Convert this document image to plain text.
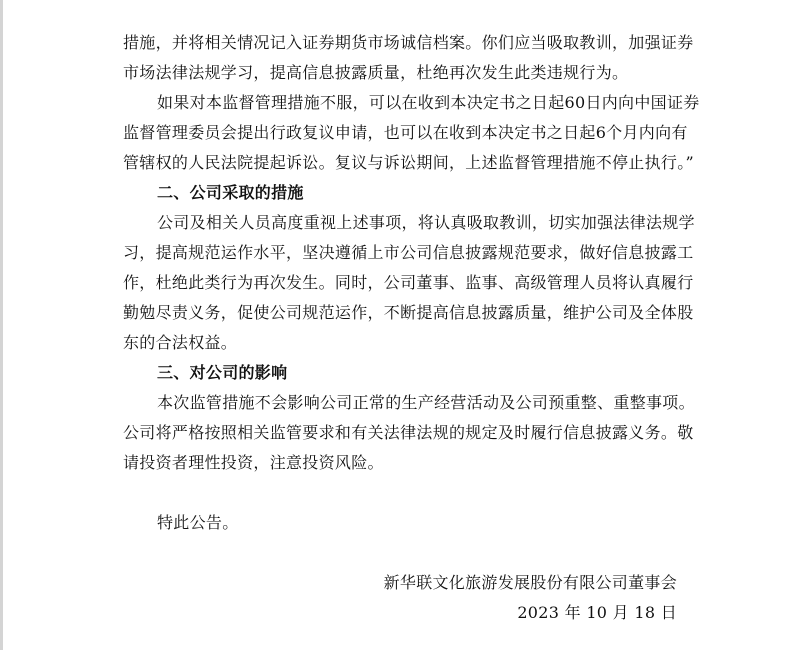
措施，并将相关情况记入证券期货市场诚信档案。你们应当吸取教训，加强证券
市场法律法规学习，提高信息披露质量，杜绝再次发生此类违规行为。
如果对本监督管理措施不服，可以在收到本决定书之日起60日内向中国证券
监督管理委员会提出行政复议申请，也可以在收到本决定书之日起6个月内向有
管辖权的人民法院提起诉讼。复议与诉讼期间，上述监督管理措施不停止执行。”
二、公司采取的措施
公司及相关人员高度重视上述事项，将认真吸取教训，切实加强法律法规学
习，提高规范运作水平，坚决遵循上市公司信息披露规范要求，做好信息披露工
作，杜绝此类行为再次发生。同时，公司董事、监事、高级管理人员将认真履行
勤勉尽责义务，促使公司规范运作，不断提高信息披露质量，维护公司及全体股
东的合法权益。
三、对公司的影响
本次监管措施不会影响公司正常的生产经营活动及公司预重整、重整事项。
公司将严格按照相关监管要求和有关法律法规的规定及时履行信息披露义务。敬
请投资者理性投资，注意投资风险。
特此公告。
新华联文化旅游发展股份有限公司董事会
2023 年 10 月 18 日
